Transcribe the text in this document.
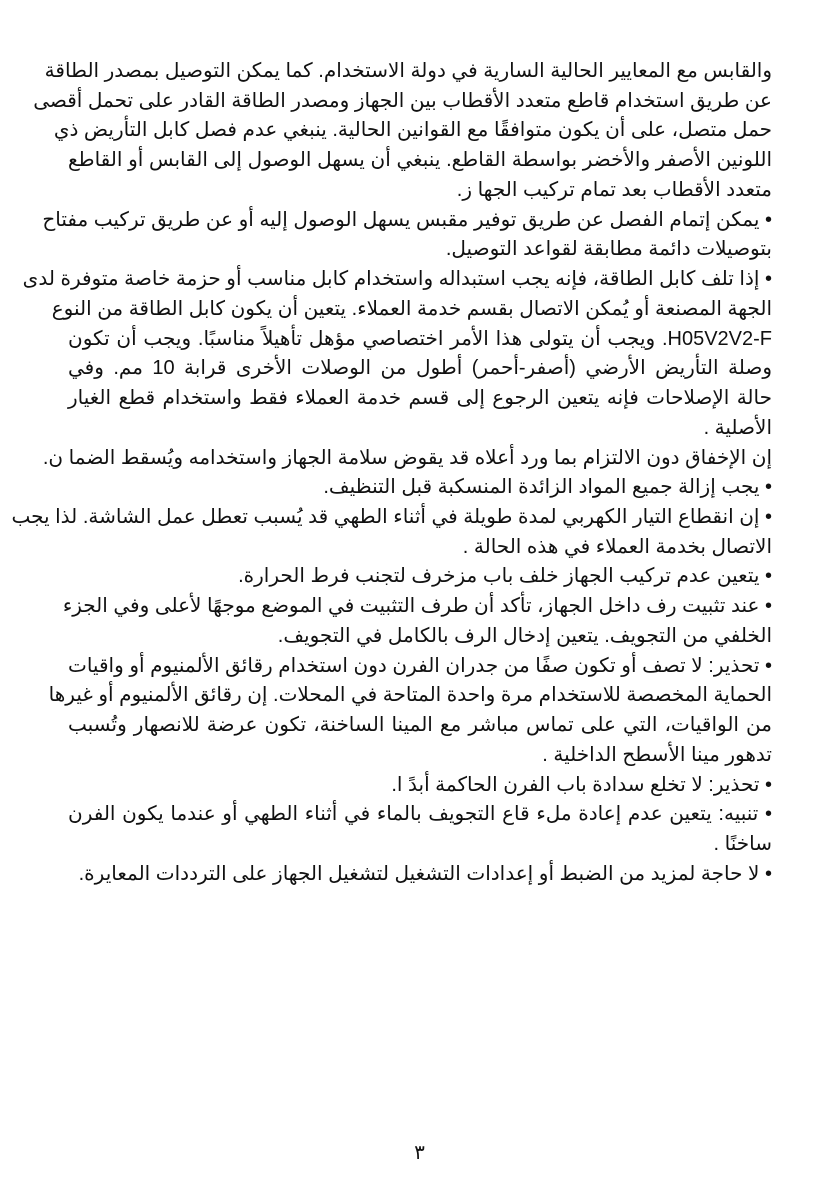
والقابس مع المعايير الحالية السارية في دولة الاستخدام. كما يمكن التوصيل بمصدر الطاقة
عن طريق استخدام قاطع متعدد الأقطاب بين الجهاز ومصدر الطاقة القادر على تحمل أقصى
حمل متصل، على أن يكون متوافقًا مع القوانين الحالية. ينبغي عدم فصل كابل التأريض ذي
اللونين الأصفر والأخضر بواسطة القاطع. ينبغي أن يسهل الوصول إلى القابس أو القاطع
متعدد الأقطاب بعد تمام تركيب الجها ز.
• يمكن إتمام الفصل عن طريق توفير مقبس يسهل الوصول إليه أو عن طريق تركيب مفتاح
بتوصيلات دائمة مطابقة لقواعد التوصيل.
• إذا تلف كابل الطاقة، فإنه يجب استبداله واستخدام كابل مناسب أو حزمة خاصة متوفرة لدى
الجهة المصنعة أو يُمكن الاتصال بقسم خدمة العملاء. يتعين أن يكون كابل الطاقة من النوع
H05V2V2-F. ويجب أن يتولى هذا الأمر اختصاصي مؤهل تأهيلاً مناسبًا. ويجب أن تكون
وصلة التأريض الأرضي (أصفر-أحمر) أطول من الوصلات الأخرى قرابة 10 مم. وفي
حالة الإصلاحات فإنه يتعين الرجوع إلى قسم خدمة العملاء فقط واستخدام قطع الغيار
الأصلية .
إن الإخفاق دون الالتزام بما ورد أعلاه قد يقوض سلامة الجهاز واستخدامه ويُسقط الضما ن.
• يجب إزالة جميع المواد الزائدة المنسكبة قبل التنظيف.
• إن انقطاع التيار الكهربي لمدة طويلة في أثناء الطهي قد يُسبب تعطل عمل الشاشة. لذا يجب
الاتصال بخدمة العملاء في هذه الحالة .
• يتعين عدم تركيب الجهاز خلف باب مزخرف لتجنب فرط الحرارة.
• عند تثبيت رف داخل الجهاز، تأكد أن طرف التثبيت في الموضع موجهًا لأعلى وفي الجزء
الخلفي من التجويف. يتعين إدخال الرف بالكامل في التجويف.
• تحذير: لا تصف أو تكون صفًا من جدران الفرن دون استخدام رقائق الألمنيوم أو واقيات
الحماية المخصصة للاستخدام مرة واحدة المتاحة في المحلات. إن رقائق الألمنيوم أو غيرها
من الواقيات، التي على تماس مباشر مع المينا الساخنة، تكون عرضة للانصهار وتُسبب
تدهور مينا الأسطح الداخلية .
• تحذير: لا تخلع سدادة باب الفرن الحاكمة أبدً ا.
• تنبيه: يتعين عدم إعادة ملء قاع التجويف بالماء في أثناء الطهي أو عندما يكون الفرن
ساخنًا .
• لا حاجة لمزيد من الضبط أو إعدادات التشغيل لتشغيل الجهاز على الترددات المعايرة.
٣
